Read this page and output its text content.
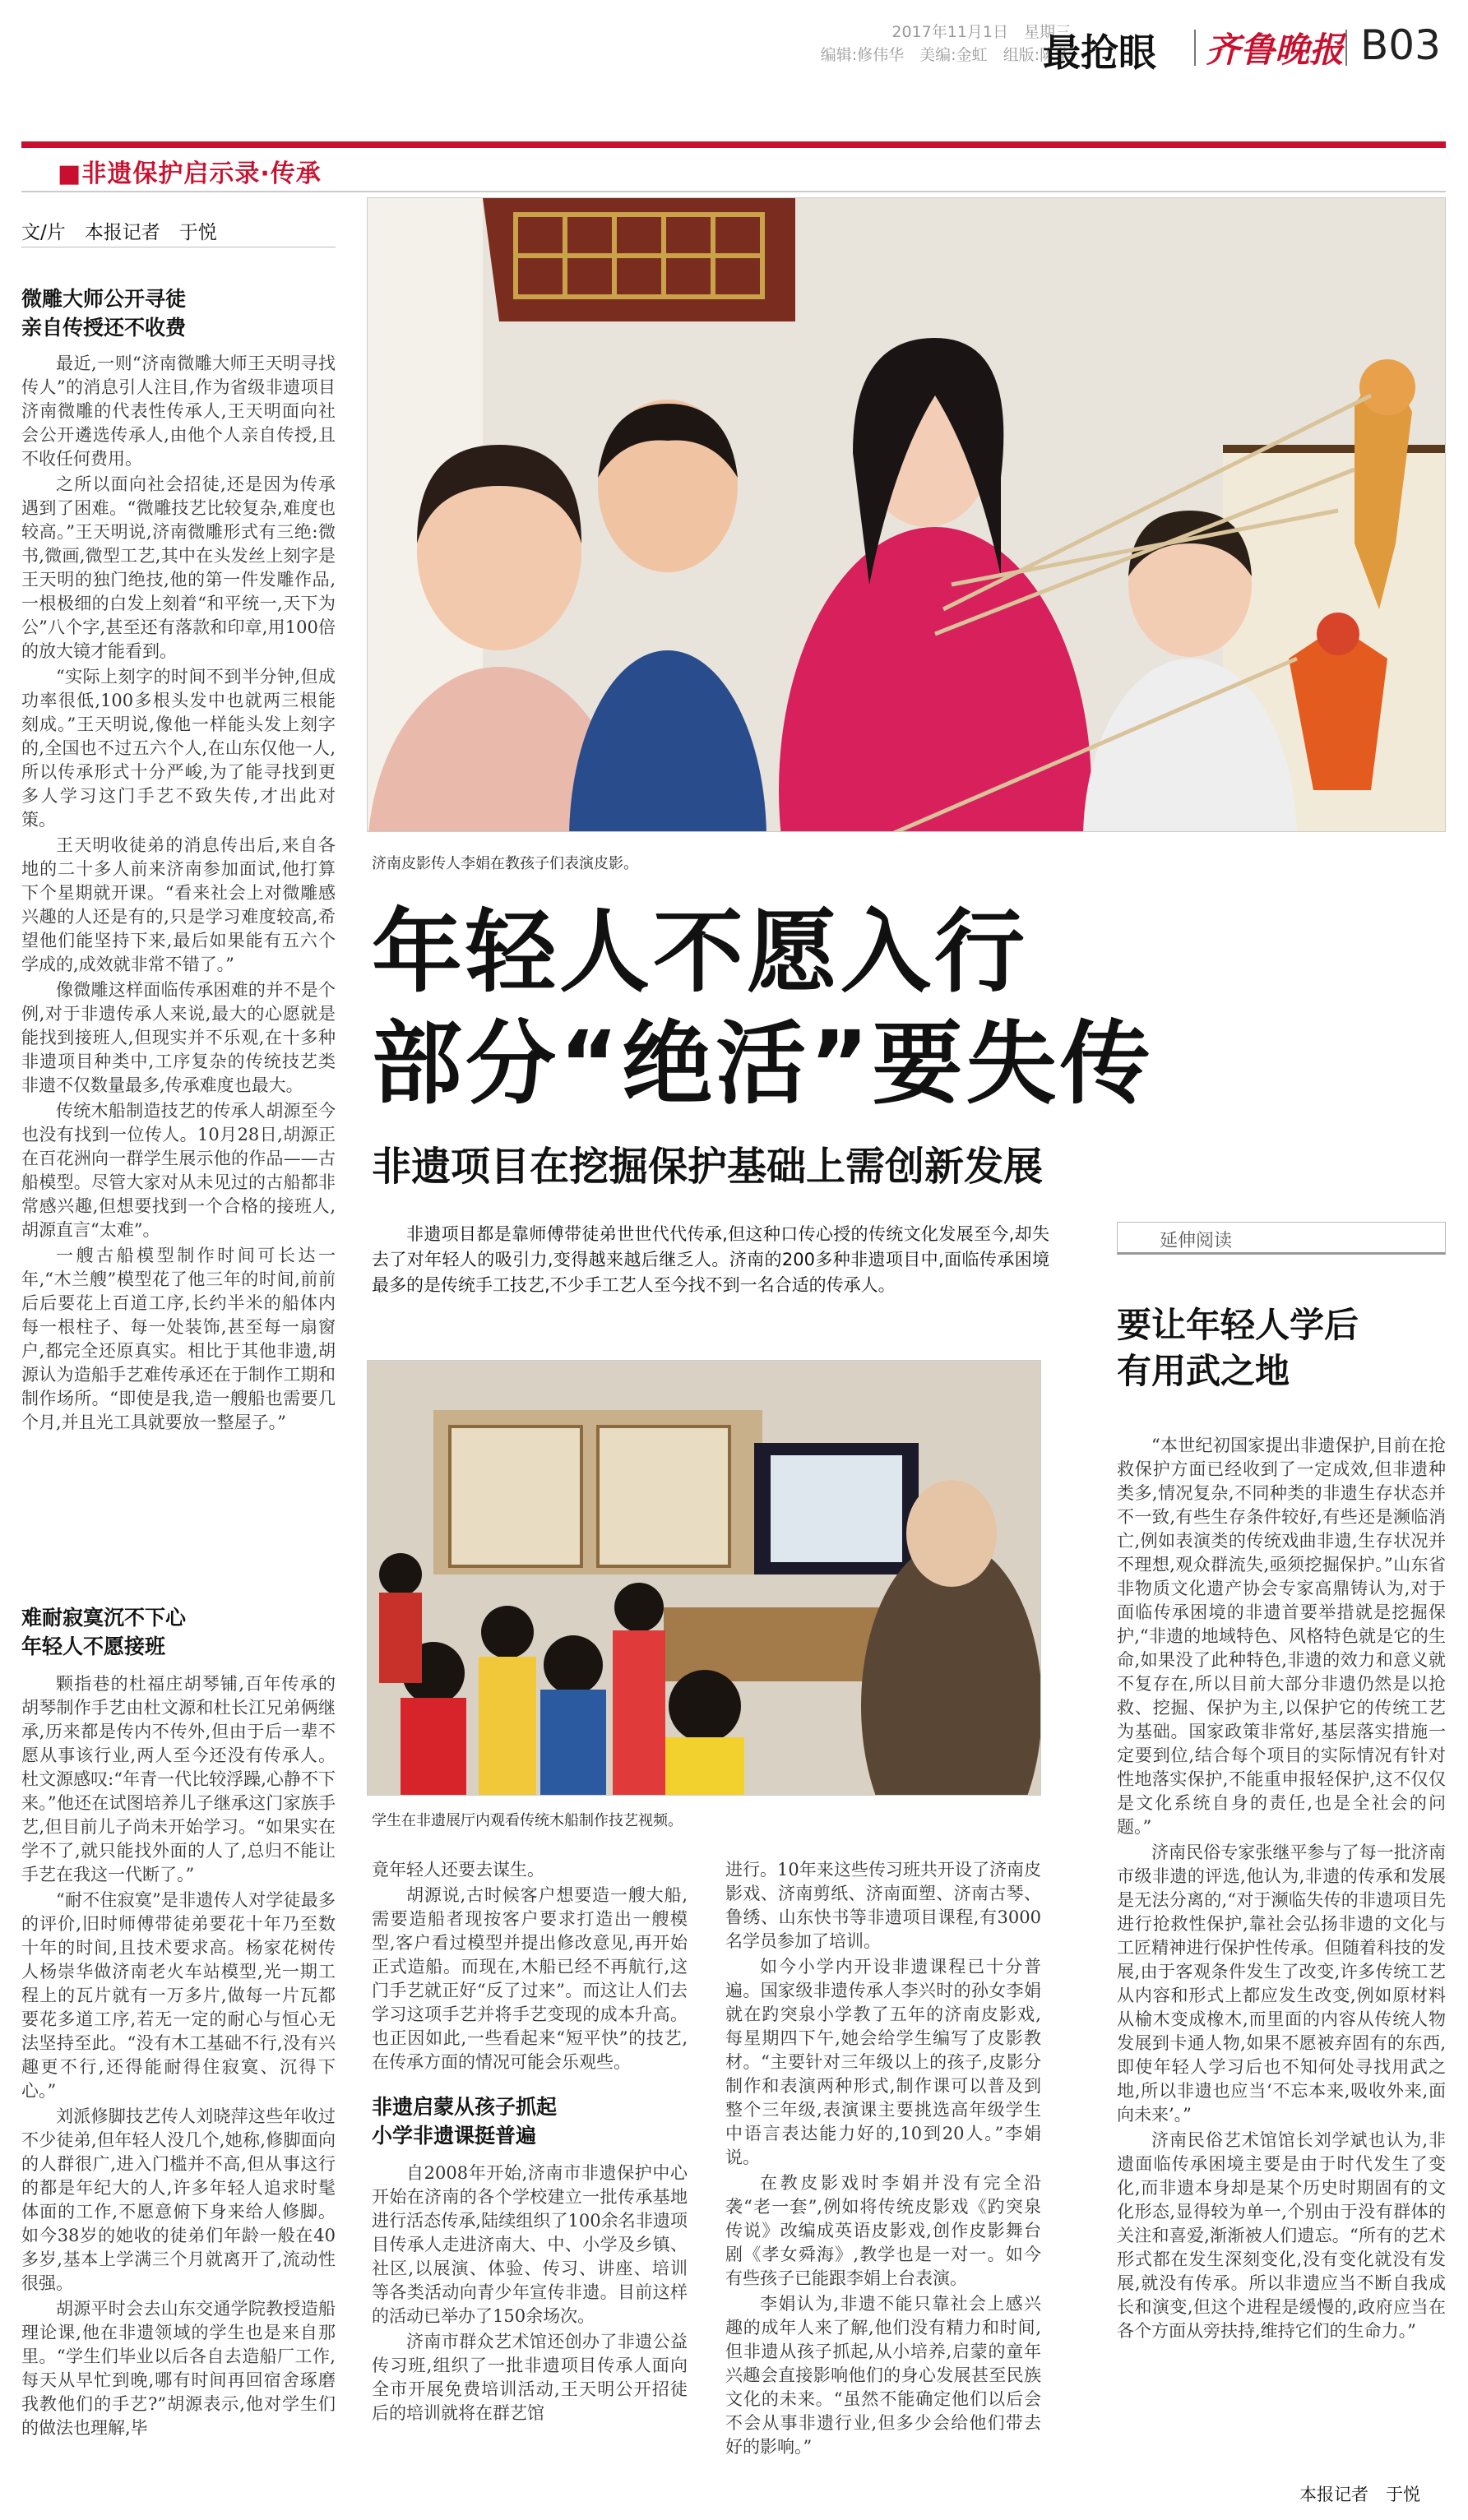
2017年11月1日　星期三
编辑:修伟华　美编:金虹　组版:陈华
最抢眼 齐鲁晚报 B03
■非遗保护启示录·传承
文/片　本报记者　于悦
微雕大师公开寻徒
亲自传授还不收费

最近,一则“济南微雕大师王天明寻找传人”的消息引人注目,作为省级非遗项目济南微雕的代表性传承人,王天明面向社会公开遴选传承人,由他个人亲自传授,且不收任何费用。

之所以面向社会招徒,还是因为传承遇到了困难。“微雕技艺比较复杂,难度也较高。”王天明说,济南微雕形式有三绝:微书,微画,微型工艺,其中在头发丝上刻字是王天明的独门绝技,他的第一件发雕作品,一根极细的白发上刻着“和平统一,天下为公”八个字,甚至还有落款和印章,用100倍的放大镜才能看到。

“实际上刻字的时间不到半分钟,但成功率很低,100多根头发中也就两三根能刻成。”王天明说,像他一样能头发上刻字的,全国也不过五六个人,在山东仅他一人,所以传承形式十分严峻,为了能寻找到更多人学习这门手艺不致失传,才出此对策。

王天明收徒弟的消息传出后,来自各地的二十多人前来济南参加面试,他打算下个星期就开课。“看来社会上对微雕感兴趣的人还是有的,只是学习难度较高,希望他们能坚持下来,最后如果能有五六个学成的,成效就非常不错了。”

像微雕这样面临传承困难的并不是个例,对于非遗传承人来说,最大的心愿就是能找到接班人,但现实并不乐观,在十多种非遗项目种类中,工序复杂的传统技艺类非遗不仅数量最多,传承难度也最大。

传统木船制造技艺的传承人胡源至今也没有找到一位传人。10月28日,胡源正在百花洲向一群学生展示他的作品——古船模型。尽管大家对从未见过的古船都非常感兴趣,但想要找到一个合格的接班人,胡源直言“太难”。

一艘古船模型制作时间可长达一年,“木兰艘”模型花了他三年的时间,前前后后要花上百道工序,长约半米的船体内每一根柱子、每一处装饰,甚至每一扇窗户,都完全还原真实。相比于其他非遗,胡源认为造船手艺难传承还在于制作工期和制作场所。“即使是我,造一艘船也需要几个月,并且光工具就要放一整屋子。”

难耐寂寞沉不下心
年轻人不愿接班

颗指巷的杜福庄胡琴铺,百年传承的胡琴制作手艺由杜文源和杜长江兄弟俩继承,历来都是传内不传外,但由于后一辈不愿从事该行业,两人至今还没有传承人。杜文源感叹:“年青一代比较浮躁,心静不下来。”他还在试图培养儿子继承这门家族手艺,但目前儿子尚未开始学习。“如果实在学不了,就只能找外面的人了,总归不能让手艺在我这一代断了。”

“耐不住寂寞”是非遗传人对学徒最多的评价,旧时师傅带徒弟要花十年乃至数十年的时间,且技术要求高。杨家花树传人杨崇华做济南老火车站模型,光一期工程上的瓦片就有一万多片,做每一片瓦都要花多道工序,若无一定的耐心与恒心无法坚持至此。“没有木工基础不行,没有兴趣更不行,还得能耐得住寂寞、沉得下心。”

刘派修脚技艺传人刘晓萍这些年收过不少徒弟,但年轻人没几个,她称,修脚面向的人群很广,进入门槛并不高,但从事这行的都是年纪大的人,许多年轻人追求时髦体面的工作,不愿意俯下身来给人修脚。如今38岁的她收的徒弟们年龄一般在40多岁,基本上学满三个月就离开了,流动性很强。

胡源平时会去山东交通学院教授造船理论课,他在非遗领域的学生也是来自那里。“学生们毕业以后各自去造船厂工作,每天从早忙到晚,哪有时间再回宿舍琢磨我教他们的手艺?”胡源表示,他对学生们的做法也理解,毕

济南皮影传人李娟在教孩子们表演皮影。
年轻人不愿入行
部分“绝活”要失传
非遗项目在挖掘保护基础上需创新发展
非遗项目都是靠师傅带徒弟世世代代传承,但这种口传心授的传统文化发展至今,却失去了对年轻人的吸引力,变得越来越后继乏人。济南的200多种非遗项目中,面临传承困境最多的是传统手工技艺,不少手工艺人至今找不到一名合适的传承人。
学生在非遗展厅内观看传统木船制作技艺视频。

竟年轻人还要去谋生。

胡源说,古时候客户想要造一艘大船,需要造船者现按客户要求打造出一艘模型,客户看过模型并提出修改意见,再开始正式造船。而现在,木船已经不再航行,这门手艺就正好“反了过来”。而这让人们去学习这项手艺并将手艺变现的成本升高。也正因如此,一些看起来“短平快”的技艺,在传承方面的情况可能会乐观些。

非遗启蒙从孩子抓起
小学非遗课挺普遍

自2008年开始,济南市非遗保护中心开始在济南的各个学校建立一批传承基地进行活态传承,陆续组织了100余名非遗项目传承人走进济南大、中、小学及乡镇、社区,以展演、体验、传习、讲座、培训等各类活动向青少年宣传非遗。目前这样的活动已举办了150余场次。

济南市群众艺术馆还创办了非遗公益传习班,组织了一批非遗项目传承人面向全市开展免费培训活动,王天明公开招徒后的培训就将在群艺馆

进行。10年来这些传习班共开设了济南皮影戏、济南剪纸、济南面塑、济南古琴、鲁绣、山东快书等非遗项目课程,有3000名学员参加了培训。

如今小学内开设非遗课程已十分普遍。国家级非遗传承人李兴时的孙女李娟就在趵突泉小学教了五年的济南皮影戏,每星期四下午,她会给学生编写了皮影教材。“主要针对三年级以上的孩子,皮影分制作和表演两种形式,制作课可以普及到整个三年级,表演课主要挑选高年级学生中语言表达能力好的,10到20人。”李娟说。

在教皮影戏时李娟并没有完全沿袭“老一套”,例如将传统皮影戏《趵突泉传说》改编成英语皮影戏,创作皮影舞台剧《孝女舜海》,教学也是一对一。如今有些孩子已能跟李娟上台表演。

李娟认为,非遗不能只靠社会上感兴趣的成年人来了解,他们没有精力和时间,但非遗从孩子抓起,从小培养,启蒙的童年兴趣会直接影响他们的身心发展甚至民族文化的未来。“虽然不能确定他们以后会不会从事非遗行业,但多少会给他们带去好的影响。”

延伸阅读
要让年轻人学后
有用武之地

“本世纪初国家提出非遗保护,目前在抢救保护方面已经收到了一定成效,但非遗种类多,情况复杂,不同种类的非遗生存状态并不一致,有些生存条件较好,有些还是濒临消亡,例如表演类的传统戏曲非遗,生存状况并不理想,观众群流失,亟须挖掘保护。”山东省非物质文化遗产协会专家高鼎铸认为,对于面临传承困境的非遗首要举措就是挖掘保护,“非遗的地域特色、风格特色就是它的生命,如果没了此种特色,非遗的效力和意义就不复存在,所以目前大部分非遗仍然是以抢救、挖掘、保护为主,以保护它的传统工艺为基础。国家政策非常好,基层落实措施一定要到位,结合每个项目的实际情况有针对性地落实保护,不能重申报轻保护,这不仅仅是文化系统自身的责任,也是全社会的问题。”

济南民俗专家张继平参与了每一批济南市级非遗的评选,他认为,非遗的传承和发展是无法分离的,“对于濒临失传的非遗项目先进行抢救性保护,靠社会弘扬非遗的文化与工匠精神进行保护性传承。但随着科技的发展,由于客观条件发生了改变,许多传统工艺从内容和形式上都应发生改变,例如原材料从榆木变成橡木,而里面的内容从传统人物发展到卡通人物,如果不愿被弃固有的东西,即使年轻人学习后也不知何处寻找用武之地,所以非遗也应当‘不忘本来,吸收外来,面向未来’。”

济南民俗艺术馆馆长刘学斌也认为,非遗面临传承困境主要是由于时代发生了变化,而非遗本身却是某个历史时期固有的文化形态,显得较为单一,个别由于没有群体的关注和喜爱,渐渐被人们遗忘。“所有的艺术形式都在发生深刻变化,没有变化就没有发展,就没有传承。所以非遗应当不断自我成长和演变,但这个进程是缓慢的,政府应当在各个方面从旁扶持,维持它们的生命力。”

本报记者　于悦
